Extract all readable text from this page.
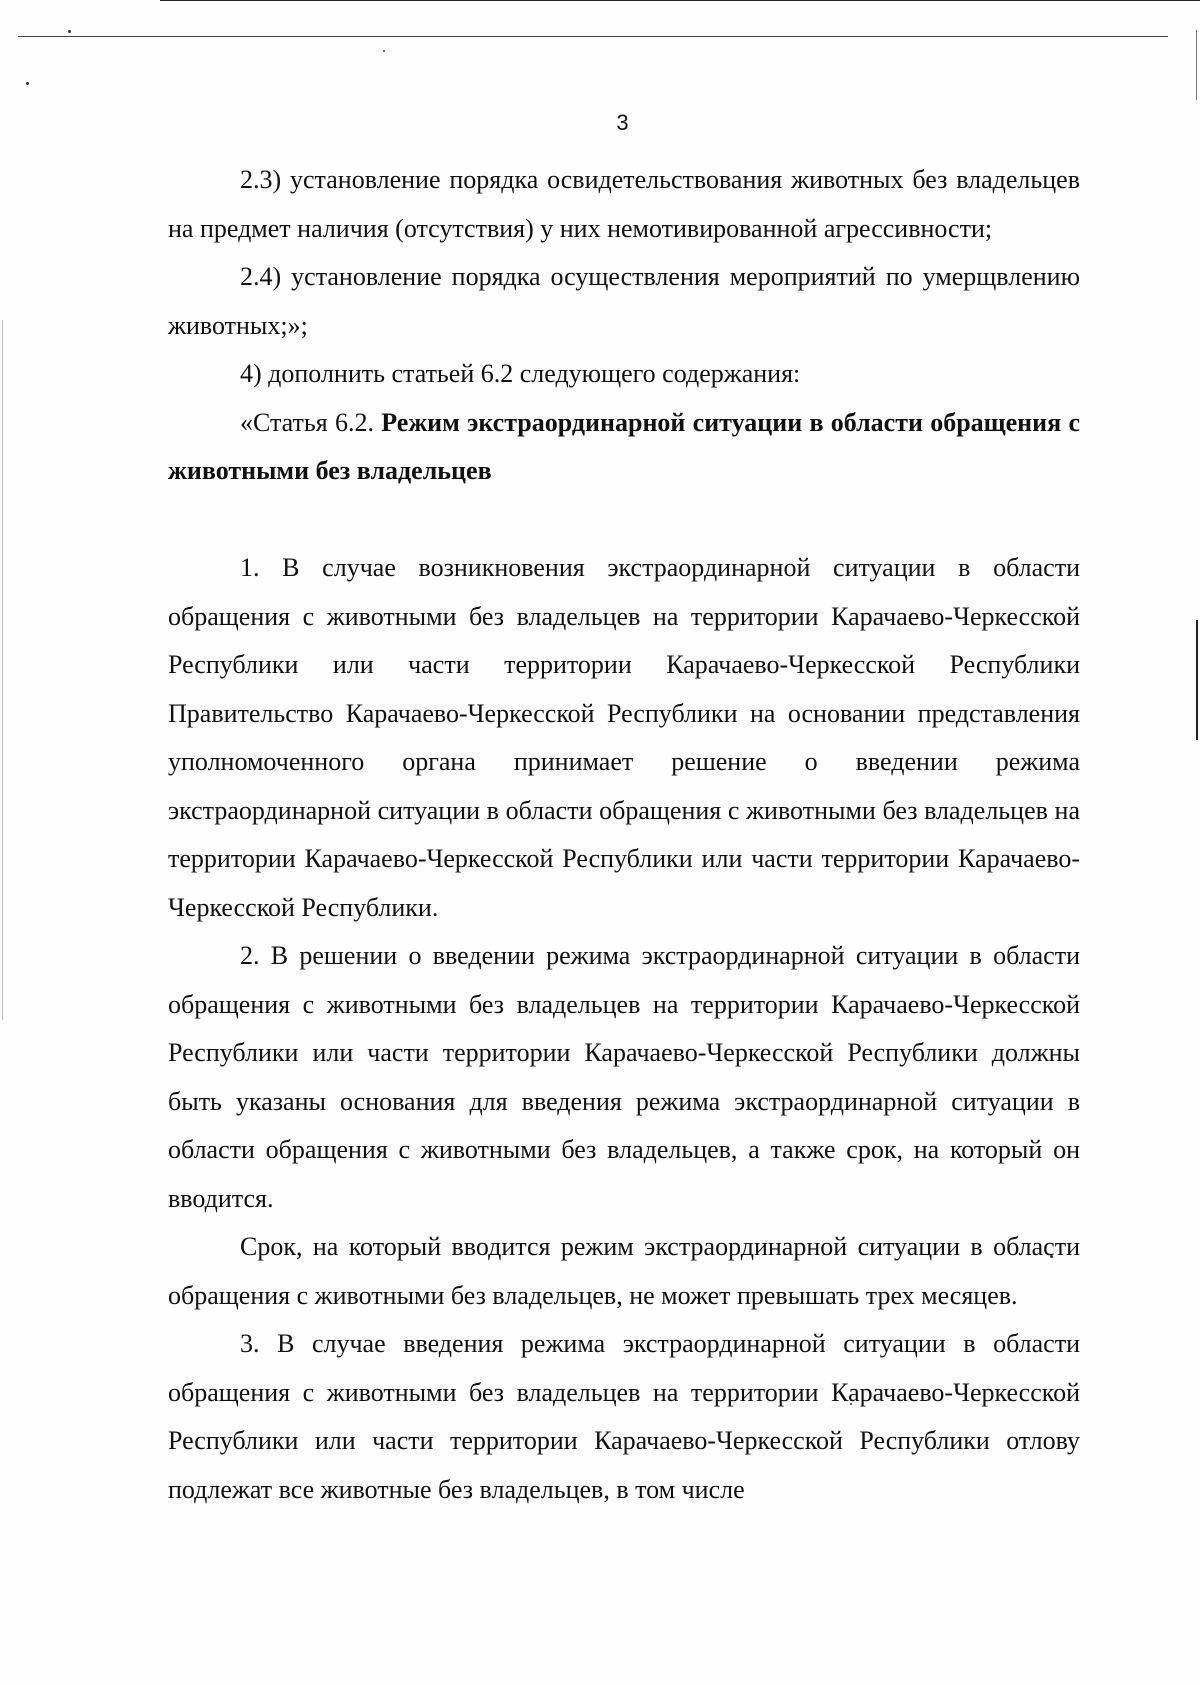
3

2.3) установление порядка освидетельствования животных без владельцев на предмет наличия (отсутствия) у них немотивированной агрессивности;

2.4) установление порядка осуществления мероприятий по умерщвлению животных;»;

4) дополнить статьей 6.2 следующего содержания:

«Статья 6.2. Режим экстраординарной ситуации в области обращения с животными без владельцев

1. В случае возникновения экстраординарной ситуации в области обращения с животными без владельцев на территории Карачаево-Черкесской Республики или части территории Карачаево-Черкесской Республики Правительство Карачаево-Черкесской Республики на основании представления уполномоченного органа принимает решение о введении режима экстраординарной ситуации в области обращения с животными без владельцев на территории Карачаево-Черкесской Республики или части территории Карачаево-Черкесской Республики.

2. В решении о введении режима экстраординарной ситуации в области обращения с животными без владельцев на территории Карачаево-Черкесской Республики или части территории Карачаево-Черкесской Республики должны быть указаны основания для введения режима экстраординарной ситуации в области обращения с животными без владельцев, а также срок, на который он вводится.

Срок, на который вводится режим экстраординарной ситуации в области обращения с животными без владельцев, не может превышать трех месяцев.

3. В случае введения режима экстраординарной ситуации в области обращения с животными без владельцев на территории Карачаево-Черкесской Республики или части территории Карачаево-Черкесской Республики отлову подлежат все животные без владельцев, в том числе
